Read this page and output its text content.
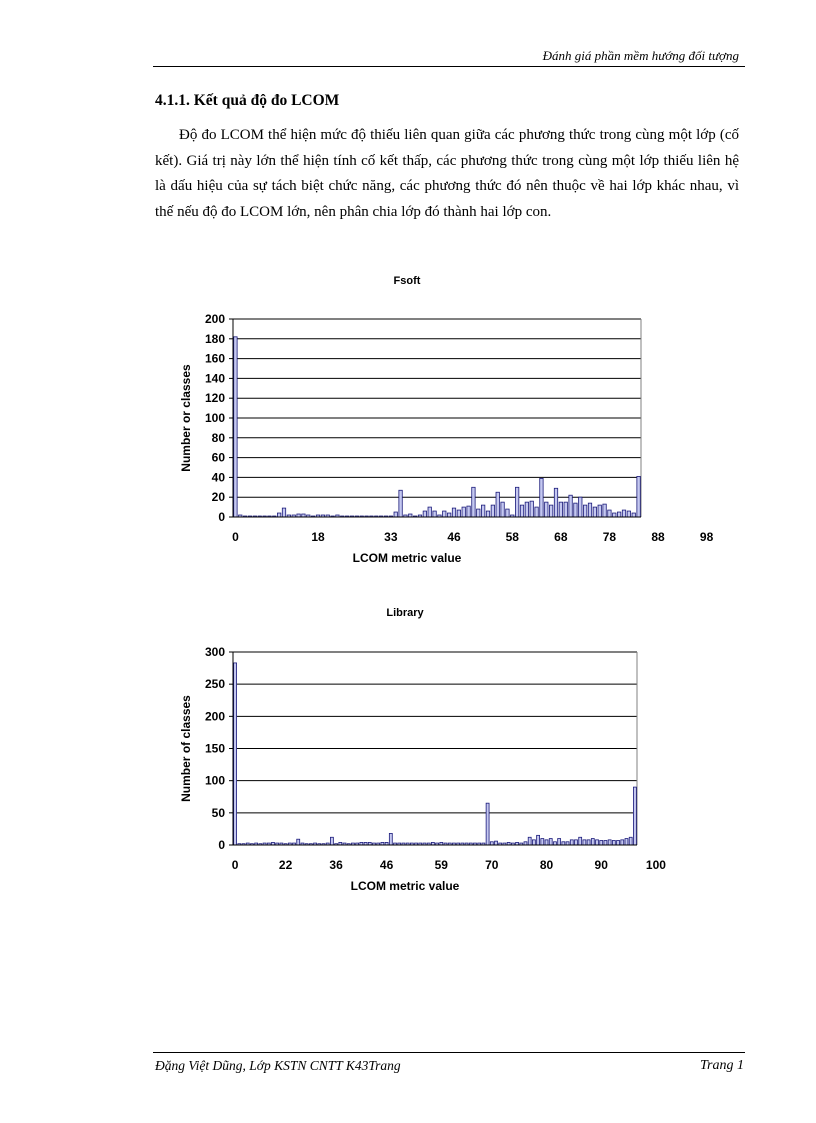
Đánh giá phần mềm hướng đối tượng
4.1.1. Kết quả độ đo LCOM
Độ đo LCOM thể hiện mức độ thiếu liên quan giữa các phương thức trong cùng một lớp (cố kết). Giá trị này lớn thể hiện tính cố kết thấp, các phương thức trong cùng một lớp thiếu liên hệ là dấu hiệu của sự tách biệt chức năng, các phương thức đó nên thuộc về hai lớp khác nhau, vì thế nếu độ đo LCOM lớn, nên phân chia lớp đó thành hai lớp con.
Fsoft
0
20
40
60
80
100
120
140
160
180
200
0	18	33	46	58	68	78	88	98
LCOM metric value
Number or classes
Library
0
50
100
150
200
250
300
0	22	36	46	59	70	80	90	100
LCOM metric value
Number of classes
Đặng Việt Dũng, Lớp KSTN CNTT K43Trang	Trang 1
